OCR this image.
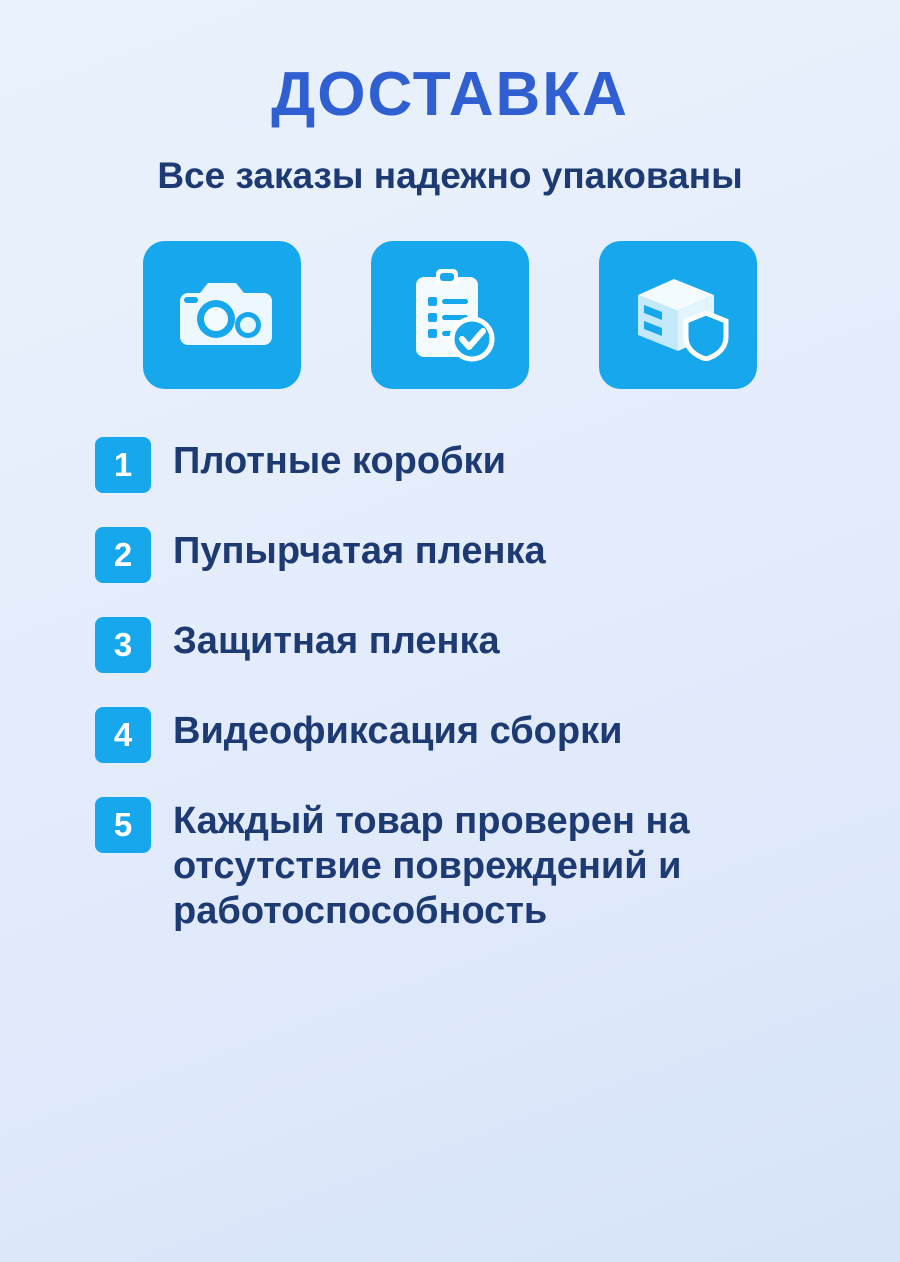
ДОСТАВКА
Все заказы надежно упакованы
1	Плотные коробки
2	Пупырчатая пленка
3	Защитная пленка
4	Видеофиксация сборки
5	Каждый товар проверен на отсутствие повреждений и работоспособность
